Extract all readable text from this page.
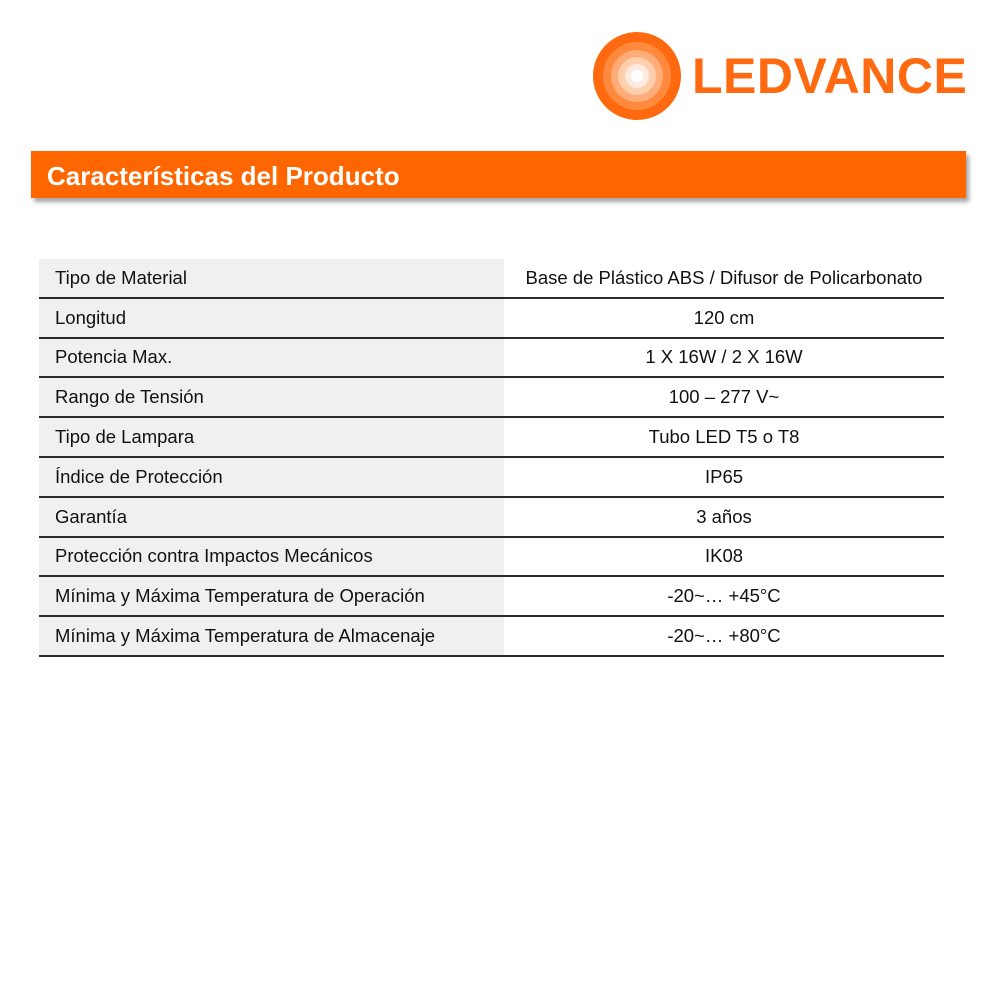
LEDVANCE
Características del Producto
Tipo de Material	Base de Plástico ABS / Difusor de Policarbonato
Longitud	120 cm
Potencia Max.	1 X 16W / 2 X 16W
Rango de Tensión	100 – 277 V~
Tipo de Lampara	Tubo LED T5 o T8
Índice de Protección	IP65
Garantía	3 años
Protección contra Impactos Mecánicos	IK08
Mínima y Máxima Temperatura de Operación	-20~… +45°C
Mínima y Máxima Temperatura de Almacenaje	-20~… +80°C
